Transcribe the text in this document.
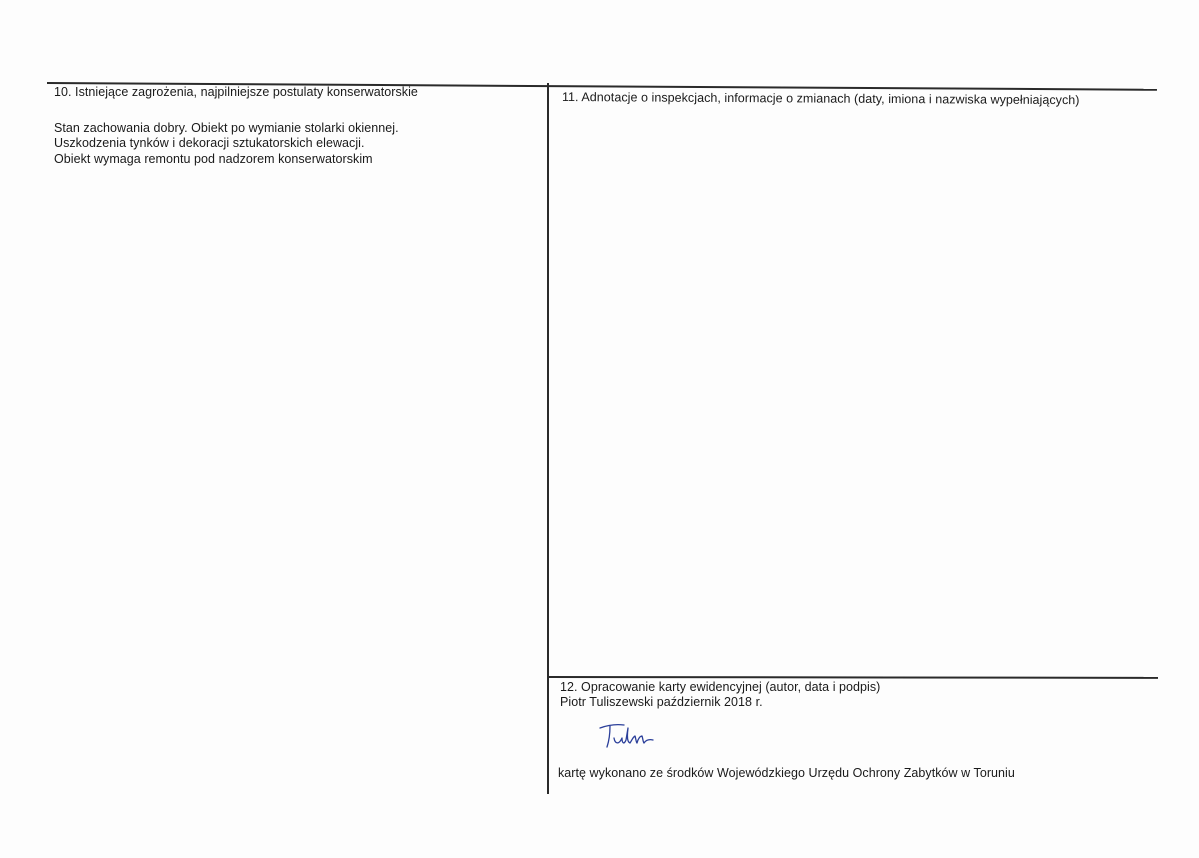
10. Istniejące zagrożenia, najpilniejsze postulaty konserwatorskie
Stan zachowania dobry. Obiekt po wymianie stolarki okiennej.
Uszkodzenia tynków i dekoracji sztukatorskich elewacji.
Obiekt wymaga remontu pod nadzorem konserwatorskim
11. Adnotacje o inspekcjach, informacje o zmianach (daty, imiona i nazwiska wypełniających)
12. Opracowanie karty ewidencyjnej (autor, data i podpis)
Piotr Tuliszewski październik 2018 r.
kartę wykonano ze środków Wojewódzkiego Urzędu Ochrony Zabytków w Toruniu
